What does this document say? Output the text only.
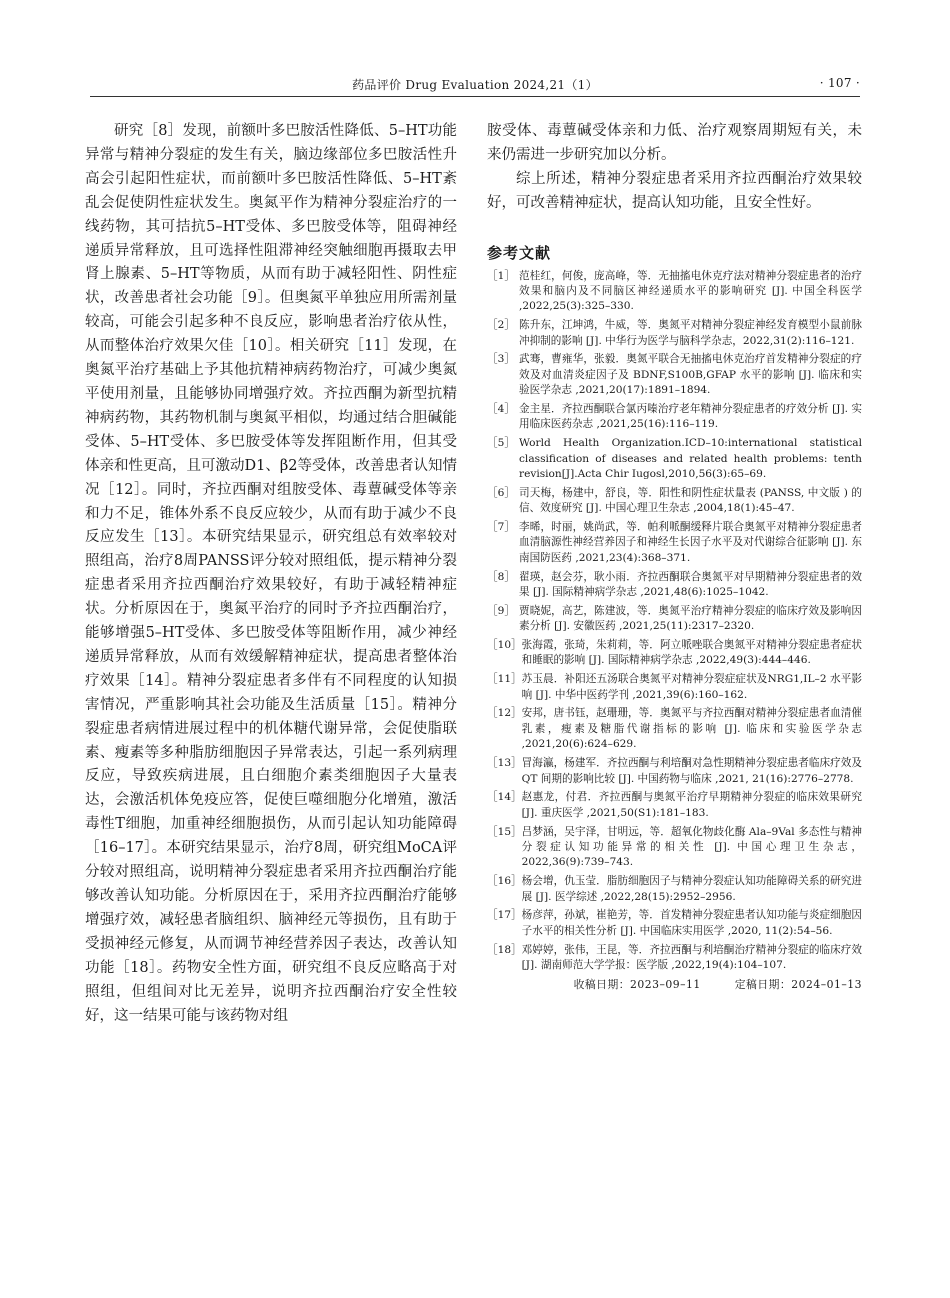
药品评价 Drug Evaluation 2024,21（1）	· 107 ·

研究［8］发现，前额叶多巴胺活性降低、5–HT功能异常与精神分裂症的发生有关，脑边缘部位多巴胺活性升高会引起阳性症状，而前额叶多巴胺活性降低、5–HT紊乱会促使阴性症状发生。奥氮平作为精神分裂症治疗的一线药物，其可拮抗5–HT受体、多巴胺受体等，阻碍神经递质异常释放，且可选择性阻滞神经突触细胞再摄取去甲肾上腺素、5–HT等物质，从而有助于减轻阳性、阴性症状，改善患者社会功能［9］。但奥氮平单独应用所需剂量较高，可能会引起多种不良反应，影响患者治疗依从性，从而整体治疗效果欠佳［10］。相关研究［11］发现，在奥氮平治疗基础上予其他抗精神病药物治疗，可减少奥氮平使用剂量，且能够协同增强疗效。齐拉西酮为新型抗精神病药物，其药物机制与奥氮平相似，均通过结合胆碱能受体、5–HT受体、多巴胺受体等发挥阻断作用，但其受体亲和性更高，且可激动D1、β2等受体，改善患者认知情况［12］。同时，齐拉西酮对组胺受体、毒蕈碱受体等亲和力不足，锥体外系不良反应较少，从而有助于减少不良反应发生［13］。本研究结果显示，研究组总有效率较对照组高，治疗8周PANSS评分较对照组低，提示精神分裂症患者采用齐拉西酮治疗效果较好，有助于减轻精神症状。分析原因在于，奥氮平治疗的同时予齐拉西酮治疗，能够增强5–HT受体、多巴胺受体等阻断作用，减少神经递质异常释放，从而有效缓解精神症状，提高患者整体治疗效果［14］。精神分裂症患者多伴有不同程度的认知损害情况，严重影响其社会功能及生活质量［15］。精神分裂症患者病情进展过程中的机体糖代谢异常，会促使脂联素、瘦素等多种脂肪细胞因子异常表达，引起一系列病理反应，导致疾病进展，且白细胞介素类细胞因子大量表达，会激活机体免疫应答，促使巨噬细胞分化增殖，激活毒性T细胞，加重神经细胞损伤，从而引起认知功能障碍［16–17］。本研究结果显示，治疗8周，研究组MoCA评分较对照组高，说明精神分裂症患者采用齐拉西酮治疗能够改善认知功能。分析原因在于，采用齐拉西酮治疗能够增强疗效，减轻患者脑组织、脑神经元等损伤，且有助于受损神经元修复，从而调节神经营养因子表达，改善认知功能［18］。药物安全性方面，研究组不良反应略高于对照组，但组间对比无差异，说明齐拉西酮治疗安全性较好，这一结果可能与该药物对组

胺受体、毒蕈碱受体亲和力低、治疗观察周期短有关，未来仍需进一步研究加以分析。

综上所述，精神分裂症患者采用齐拉西酮治疗效果较好，可改善精神症状，提高认知功能，且安全性好。

参考文献
［1］ 范桂红，何俊，庞高峰，等．无抽搐电休克疗法对精神分裂症患者的治疗效果和脑内及不同脑区神经递质水平的影响研究 [J]. 中国全科医学 ,2022,25(3):325–330.
［2］ 陈升东，江坤鸿，牛威，等．奥氮平对精神分裂症神经发育模型小鼠前脉冲抑制的影响 [J]. 中华行为医学与脑科学杂志，2022,31(2):116–121.
［3］ 武骞，曹雍华，张毅．奥氮平联合无抽搐电休克治疗首发精神分裂症的疗效及对血清炎症因子及 BDNF,S100B,GFAP 水平的影响 [J]. 临床和实验医学杂志 ,2021,20(17):1891–1894.
［4］ 金主星．齐拉西酮联合氯丙嗪治疗老年精神分裂症患者的疗效分析 [J]. 实用临床医药杂志 ,2021,25(16):116–119.
［5］ World Health Organization.ICD–10:international statistical classification of diseases and related health problems: tenth revision[J].Acta Chir Iugosl,2010,56(3):65–69.
［6］ 司天梅，杨建中，舒良，等．阳性和阴性症状量表 (PANSS, 中文版 ) 的信、效度研究 [J]. 中国心理卫生杂志 ,2004,18(1):45–47.
［7］ 李晞，时丽，姚尚武，等．帕利哌酮缓释片联合奥氮平对精神分裂症患者血清脑源性神经营养因子和神经生长因子水平及对代谢综合征影响 [J]. 东南国防医药 ,2021,23(4):368–371.
［8］ 翟瑛，赵会芬，耿小雨．齐拉西酮联合奥氮平对早期精神分裂症患者的效果 [J]. 国际精神病学杂志 ,2021,48(6):1025–1042.
［9］ 贾晓妮，高艺，陈建波，等．奥氮平治疗精神分裂症的临床疗效及影响因素分析 [J]. 安徽医药 ,2021,25(11):2317–2320.
［10］ 张海霞，张琦，朱莉莉，等．阿立哌唑联合奥氮平对精神分裂症患者症状和睡眠的影响 [J]. 国际精神病学杂志 ,2022,49(3):444–446.
［11］ 苏玉晨．补阳还五汤联合奥氮平对精神分裂症症状及NRG1,IL–2 水平影响 [J]. 中华中医药学刊 ,2021,39(6):160–162.
［12］ 安邦，唐书钰，赵珊珊，等．奥氮平与齐拉西酮对精神分裂症患者血清催乳素，瘦素及糖脂代谢指标的影响 [J]. 临床和实验医学杂志 ,2021,20(6):624–629.
［13］ 冒海瀛，杨建军．齐拉西酮与利培酮对急性期精神分裂症患者临床疗效及 QT 间期的影响比较 [J]. 中国药物与临床 ,2021, 21(16):2776–2778.
［14］ 赵惠龙，付君．齐拉西酮与奥氮平治疗早期精神分裂症的临床效果研究 [J]. 重庆医学 ,2021,50(S1):181–183.
［15］ 吕梦涵，吴宇泽，甘明远，等．超氧化物歧化酶 Ala–9Val 多态性与精神分裂症认知功能异常的相关性 [J]. 中国心理卫生杂志，2022,36(9):739–743.
［16］ 杨会增，仇玉莹．脂肪细胞因子与精神分裂症认知功能障碍关系的研究进展 [J]. 医学综述 ,2022,28(15):2952–2956.
［17］ 杨彦萍，孙斌，崔艳芳，等．首发精神分裂症患者认知功能与炎症细胞因子水平的相关性分析 [J]. 中国临床实用医学 ,2020, 11(2):54–56.
［18］ 邓婷婷，张伟，王昆，等．齐拉西酮与利培酮治疗精神分裂症的临床疗效 [J]. 湖南师范大学学报：医学版 ,2022,19(4):104–107.
收稿日期：2023–09–11	定稿日期：2024–01–13
